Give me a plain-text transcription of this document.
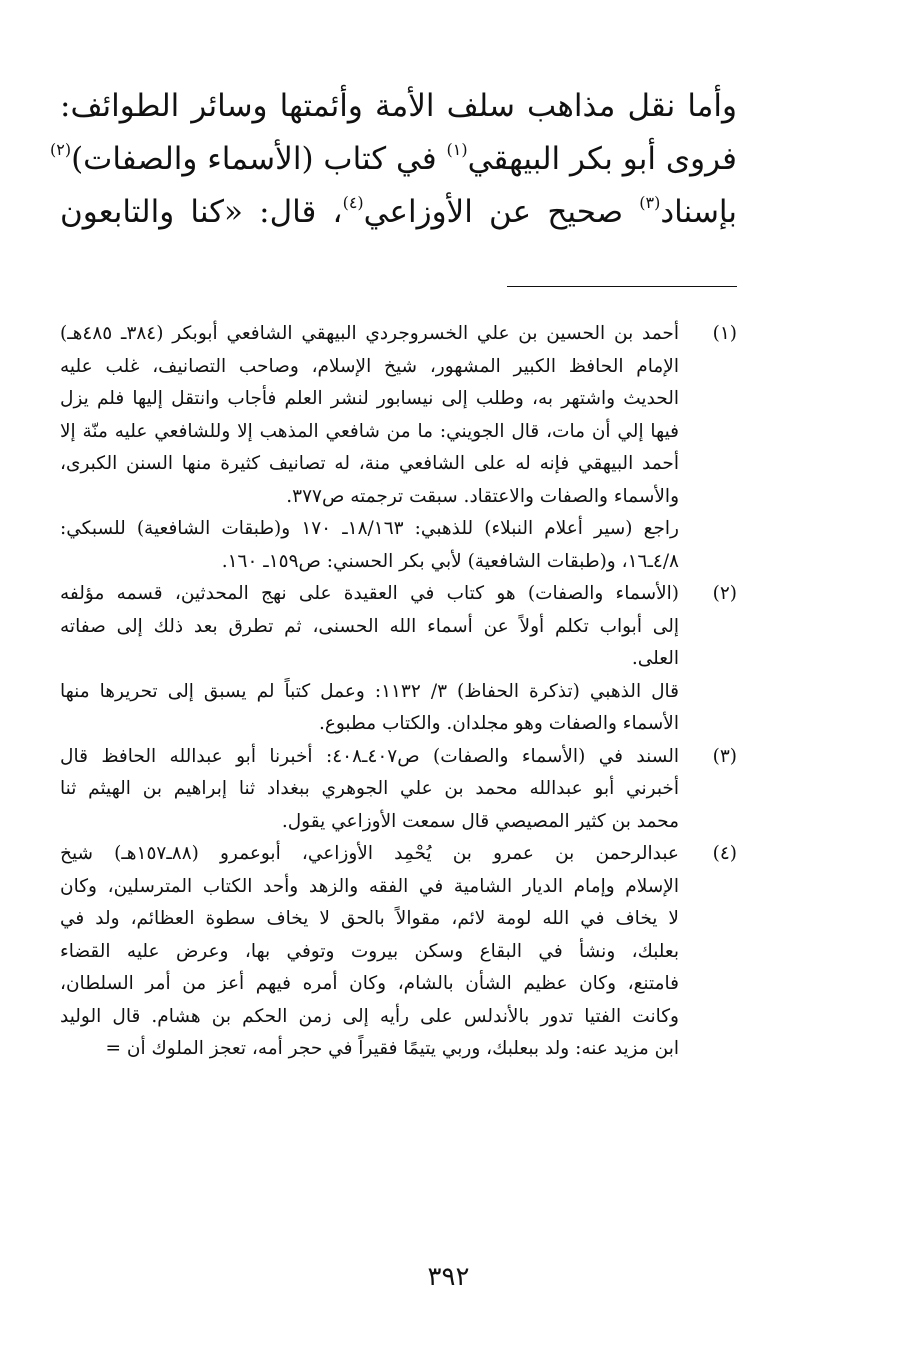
وأما نقل مذاهب سلف الأمة وأئمتها وسائر الطوائف:
فروى أبو بكر البيهقي$^{(١)}$ في كتاب (الأسماء والصفات)$^{(٢)}$
بإسناد$^{(٣)}$ صحيح عن الأوزاعي$^{(٤)}$، قال: «كنا والتابعون
(١)
أحمد بن الحسين بن علي الخسروجردي البيهقي الشافعي أبوبكر (٣٨٤ـ ٤٨٥هـ)
الإمام الحافظ الكبير المشهور، شيخ الإسلام، وصاحب التصانيف، غلب عليه
الحديث واشتهر به، وطلب إلى نيسابور لنشر العلم فأجاب وانتقل إليها فلم يزل
فيها إلي أن مات، قال الجويني: ما من شافعي المذهب إلا وللشافعي عليه منّة إلا
أحمد البيهقي فإنه له على الشافعي منة، له تصانيف كثيرة منها السنن الكبرى،
والأسماء والصفات والاعتقاد. سبقت ترجمته ص٣٧٧.
راجع (سير أعلام النبلاء) للذهبي: ١٨/١٦٣ـ ١٧٠ و(طبقات الشافعية) للسبكي:
٤/٨ـ١٦، و(طبقات الشافعية) لأبي بكر الحسني: ص١٥٩ـ ١٦٠.
(٢)
(الأسماء والصفات) هو كتاب في العقيدة على نهج المحدثين، قسمه مؤلفه
إلى أبواب تكلم أولاً عن أسماء الله الحسنى، ثم تطرق بعد ذلك إلى صفاته
العلى.
قال الذهبي (تذكرة الحفاظ) ٣/ ١١٣٢: وعمل كتباً لم يسبق إلى تحريرها منها
الأسماء والصفات وهو مجلدان. والكتاب مطبوع.
(٣)
السند في (الأسماء والصفات) ص٤٠٧ـ٤٠٨: أخبرنا أبو عبدالله الحافظ قال
أخبرني أبو عبدالله محمد بن علي الجوهري ببغداد ثنا إبراهيم بن الهيثم ثنا
محمد بن كثير المصيصي قال سمعت الأوزاعي يقول.
(٤)
عبدالرحمن بن عمرو بن يُحْمِد الأوزاعي، أبوعمرو (٨٨ـ١٥٧هـ) شيخ
الإسلام وإمام الديار الشامية في الفقه والزهد وأحد الكتاب المترسلين، وكان
لا يخاف في الله لومة لائم، مقوالاً بالحق لا يخاف سطوة العظائم، ولد في
بعلبك، ونشأ في البقاع وسكن بيروت وتوفي بها، وعرض عليه القضاء
فامتنع، وكان عظيم الشأن بالشام، وكان أمره فيهم أعز من أمر السلطان،
وكانت الفتيا تدور بالأندلس على رأيه إلى زمن الحكم بن هشام. قال الوليد
ابن مزيد عنه: ولد ببعلبك، وربي يتيمًا فقيراً في حجر أمه، تعجز الملوك أن =
٣٩٢
